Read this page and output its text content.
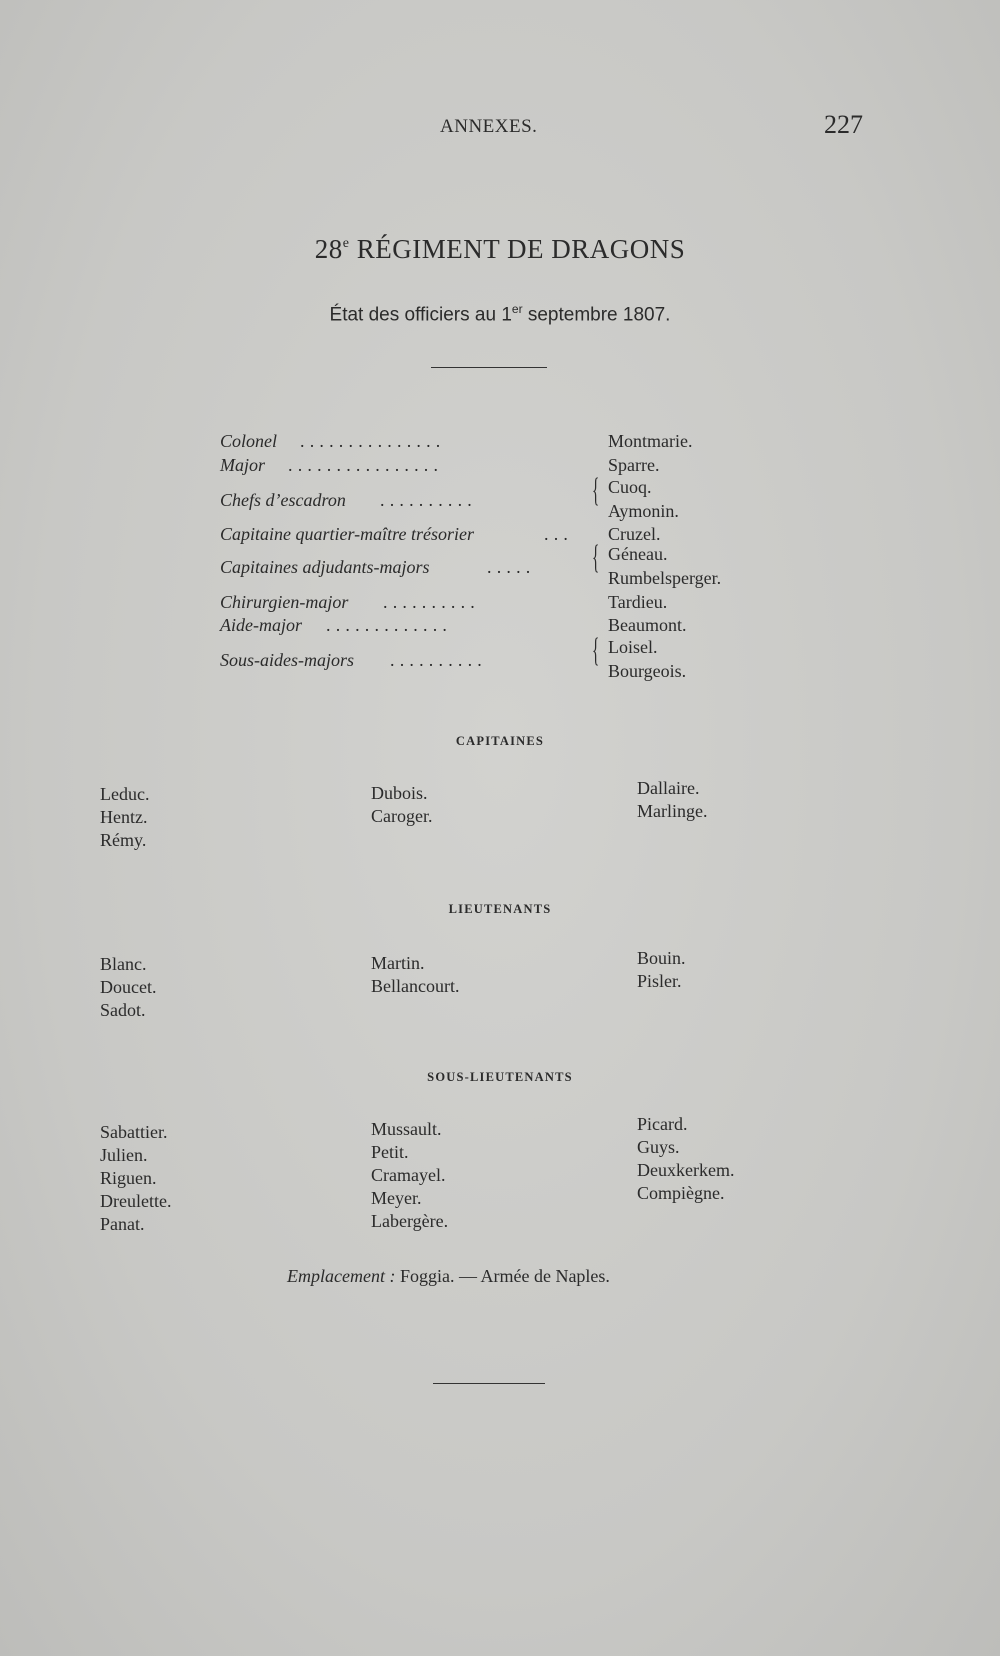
ANNEXES.	227
28e RÉGIMENT DE DRAGONS
État des officiers au 1er septembre 1807.
Colonel ...............	Montmarie.
Major ................	Sparre.
Chefs d’escadron ..........	{ Cuoq.
Aymonin.
Capitaine quartier-maître trésorier	... Cruzel.
Capitaines adjudants-majors	..... { Géneau.
Rumbelsperger.
Chirurgien-major ..........	Tardieu.
Aide-major .............	Beaumont.
Sous-aides-majors ..........	{ Loisel.
Bourgeois.
CAPITAINES
Leduc.
Hentz.
Rémy.
Dubois.
Caroger.
Dallaire.
Marlinge.
LIEUTENANTS
Blanc.
Doucet.
Sadot.
Martin.
Bellancourt.
Bouin.
Pisler.
SOUS-LIEUTENANTS
Sabattier.
Julien.
Riguen.
Dreulette.
Panat.
Mussault.
Petit.
Cramayel.
Meyer.
Labergère.
Picard.
Guys.
Deuxkerkem.
Compiègne.
Emplacement : Foggia. — Armée de Naples.
